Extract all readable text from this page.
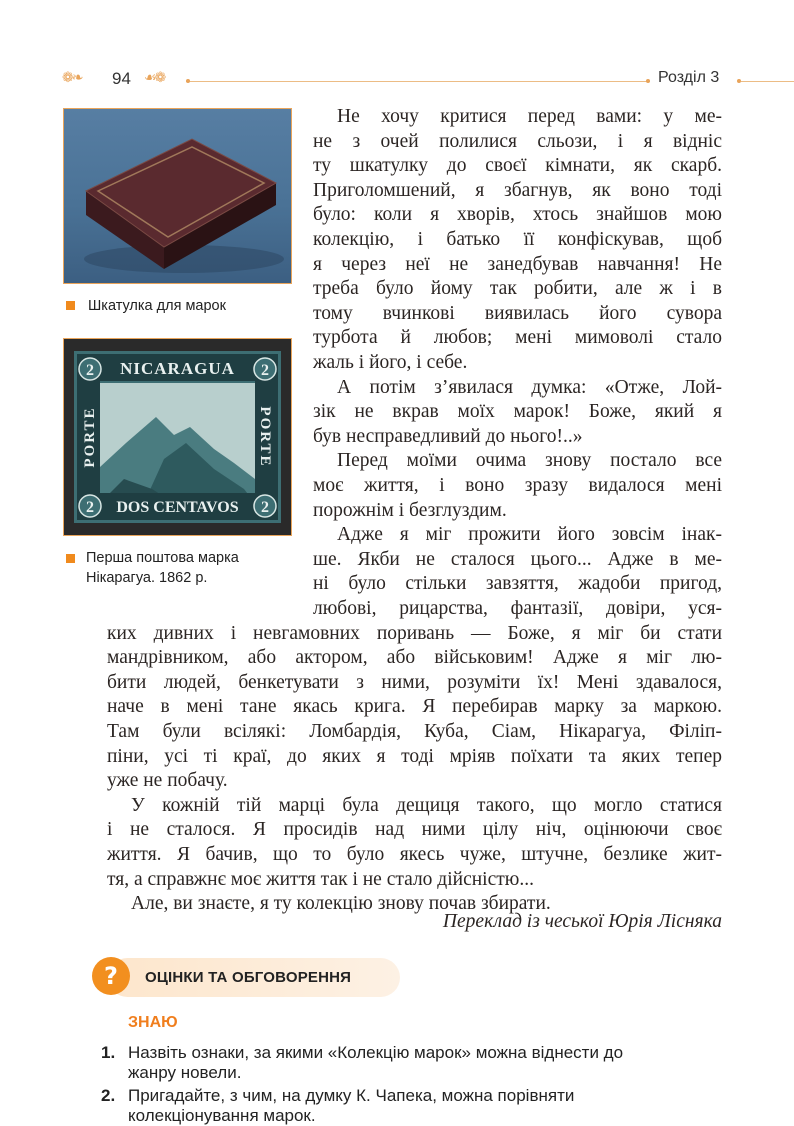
❁❧ 94 ☙❁	Розділ 3
Шкатулка для марок
2	2
2	2
NICARAGUA
DOS CENTAVOS
PORTE	PORTE
Перша поштова марка
Нікарагуа. 1862 р.
Не хочу критися перед вами: у ме-
не з очей полилися сльози, і я відніс
ту шкатулку до своєї кімнати, як скарб.
Приголомшений, я збагнув, як воно тоді
було: коли я хворів, хтось знайшов мою
колекцію, і батько її конфіскував, щоб
я через неї не занедбував навчання! Не
треба було йому так робити, але ж і в
тому вчинкові виявилась його сувора
турбота й любов; мені мимоволі стало
жаль і його, і себе.
А потім з’явилася думка: «Отже, Лой-
зік не вкрав моїх марок! Боже, який я
був несправедливий до нього!..»
Перед моїми очима знову постало все
моє життя, і воно зразу видалося мені
порожнім і безглуздим.
Адже я міг прожити його зовсім інак-
ше. Якби не сталося цього... Адже в ме-
ні було стільки завзяття, жадоби пригод,
любові, рицарства, фантазії, довіри, уся-
ких дивних і невгамовних поривань — Боже, я міг би стати
мандрівником, або актором, або військовим! Адже я міг лю-
бити людей, бенкетувати з ними, розуміти їх! Мені здавалося,
наче в мені тане якась крига. Я перебирав марку за маркою.
Там були всілякі: Ломбардія, Куба, Сіам, Нікарагуа, Філіп-
піни, усі ті краї, до яких я тоді мріяв поїхати та яких тепер
уже не побачу.
У кожній тій марці була дещиця такого, що могло статися
і не сталося. Я просидів над ними цілу ніч, оцінюючи своє
життя. Я бачив, що то було якесь чуже, штучне, безлике жит-
тя, а справжнє моє життя так і не стало дійсністю...
Але, ви знаєте, я ту колекцію знову почав збирати.
Переклад із чеської Юрія Лісняка
?	ОЦІНКИ ТА ОБГОВОРЕННЯ
ЗНАЮ
1. Назвіть ознаки, за якими «Колекцію марок» можна віднести до
жанру новели.
2. Пригадайте, з чим, на думку К. Чапека, можна порівняти
колекціонування марок.
